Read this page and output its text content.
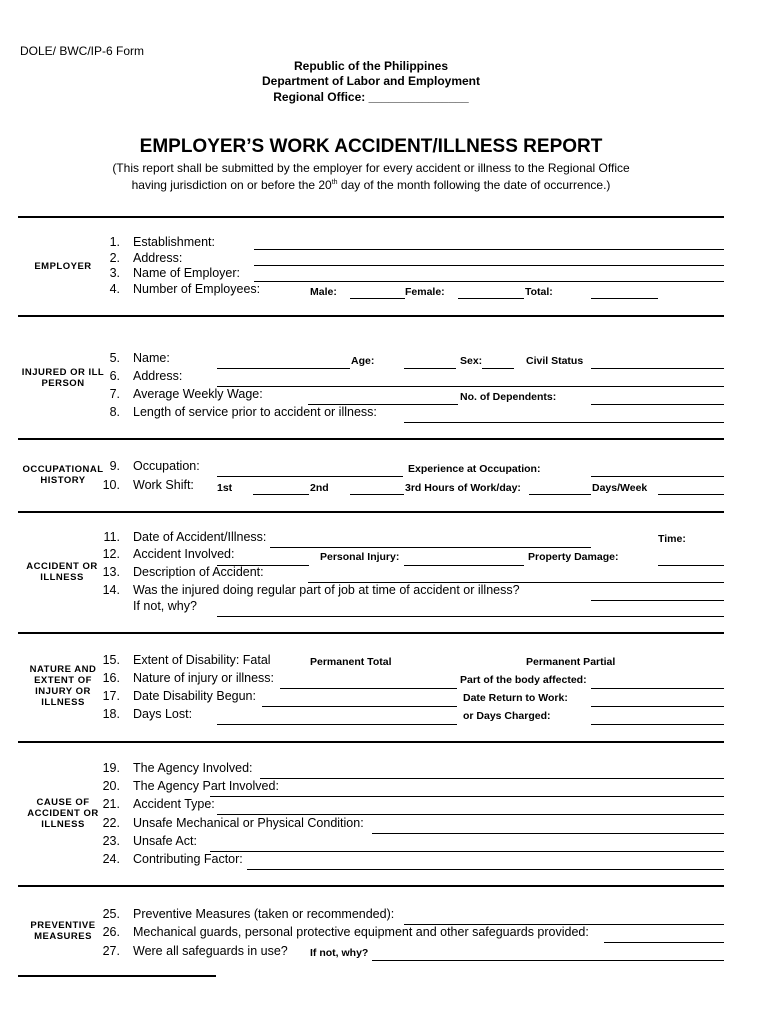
DOLE/ BWC/IP-6 Form
Republic of the Philippines
Department of Labor and Employment
Regional Office: _______________
EMPLOYER’S WORK ACCIDENT/ILLNESS REPORT
(This report shall be submitted by the employer for every accident or illness to the Regional Office
having jurisdiction on or before the 20th day of the month following the date of occurrence.)
EMPLOYER
INJURED OR ILL PERSON
OCCUPATIONAL HISTORY
ACCIDENT OR ILLNESS
NATURE AND EXTENT OF INJURY OR ILLNESS
CAUSE OF ACCIDENT OR ILLNESS
PREVENTIVE MEASURES
1. Establishment:
2. Address:
3. Name of Employer:
4. Number of Employees:	Male:	Female:	Total:
5. Name:	Age:	Sex:	Civil Status
6. Address:
7. Average Weekly Wage:	No. of Dependents:
8. Length of service prior to accident or illness:
9. Occupation:	Experience at Occupation:
10. Work Shift: 1st	2nd	3rd Hours of Work/day:	Days/Week
11. Date of Accident/Illness:	Time:
12. Accident Involved:	Personal Injury:	Property Damage:
13. Description of Accident:
14. Was the injured doing regular part of job at time of accident or illness?
If not, why?
15. Extent of Disability: Fatal	Permanent Total	Permanent Partial
16. Nature of injury or illness:	Part of the body affected:
17. Date Disability Begun:	Date Return to Work:
18. Days Lost:	or Days Charged:
19. The Agency Involved:
20. The Agency Part Involved:
21. Accident Type:
22. Unsafe Mechanical or Physical Condition:
23. Unsafe Act:
24. Contributing Factor:
25. Preventive Measures (taken or recommended):
26. Mechanical guards, personal protective equipment and other safeguards provided:
27. Were all safeguards in use? If not, why?
